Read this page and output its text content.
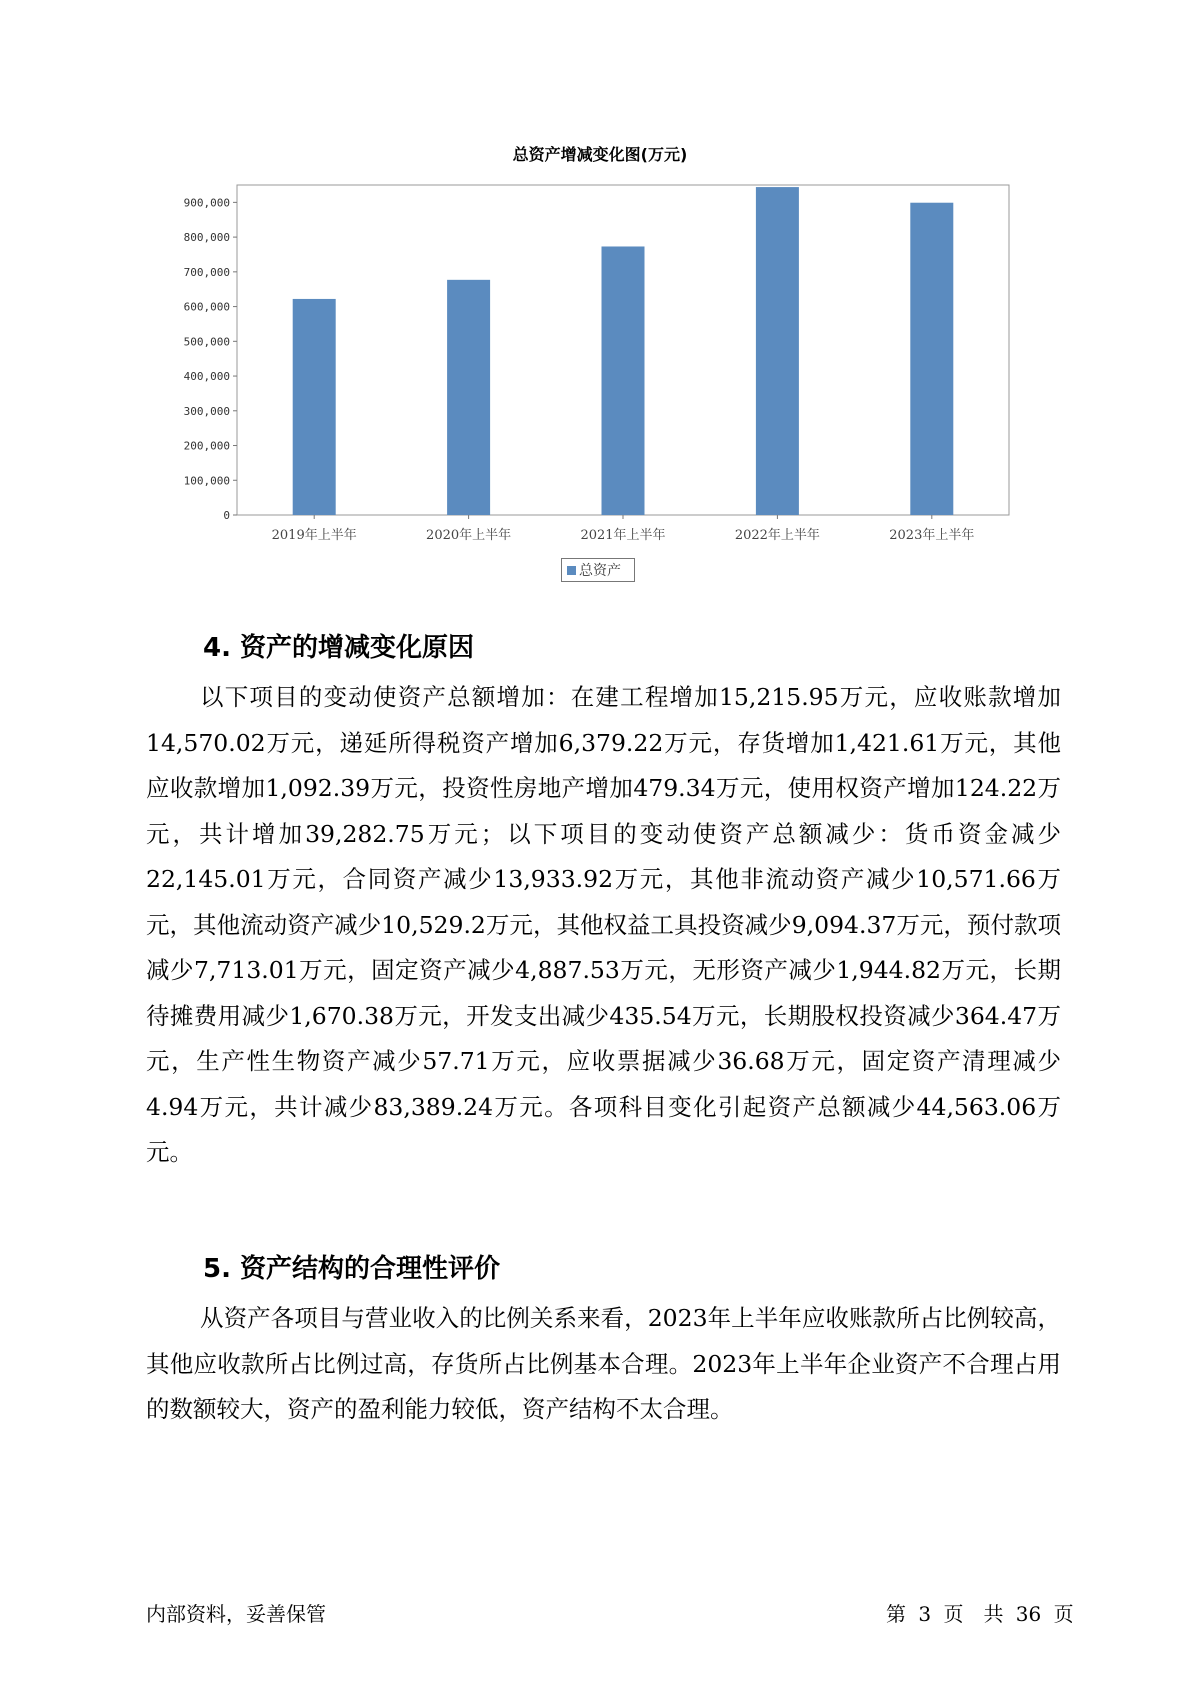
总资产增减变化图(万元)
0
100,000
200,000
300,000
400,000
500,000
600,000
700,000
800,000
900,000
2019年上半年	2020年上半年	2021年上半年	2022年上半年	2023年上半年
总资产
4. 资产的增减变化原因

以下项目的变动使资产总额增加：在建工程增加15,215.95万元，应收账款增加14,570.02万元，递延所得税资产增加6,379.22万元，存货增加1,421.61万元，其他应收款增加1,092.39万元，投资性房地产增加479.34万元，使用权资产增加124.22万元，共计增加39,282.75万元；以下项目的变动使资产总额减少：货币资金减少22,145.01万元，合同资产减少13,933.92万元，其他非流动资产减少10,571.66万元，其他流动资产减少10,529.2万元，其他权益工具投资减少9,094.37万元，预付款项减少7,713.01万元，固定资产减少4,887.53万元，无形资产减少1,944.82万元，长期待摊费用减少1,670.38万元，开发支出减少435.54万元，长期股权投资减少364.47万元，生产性生物资产减少57.71万元，应收票据减少36.68万元，固定资产清理减少4.94万元，共计减少83,389.24万元。各项科目变化引起资产总额减少44,563.06万元。

5. 资产结构的合理性评价

从资产各项目与营业收入的比例关系来看，2023年上半年应收账款所占比例较高，其他应收款所占比例过高，存货所占比例基本合理。2023年上半年企业资产不合理占用的数额较大，资产的盈利能力较低，资产结构不太合理。

内部资料，妥善保管	第 3 页　共 36 页
